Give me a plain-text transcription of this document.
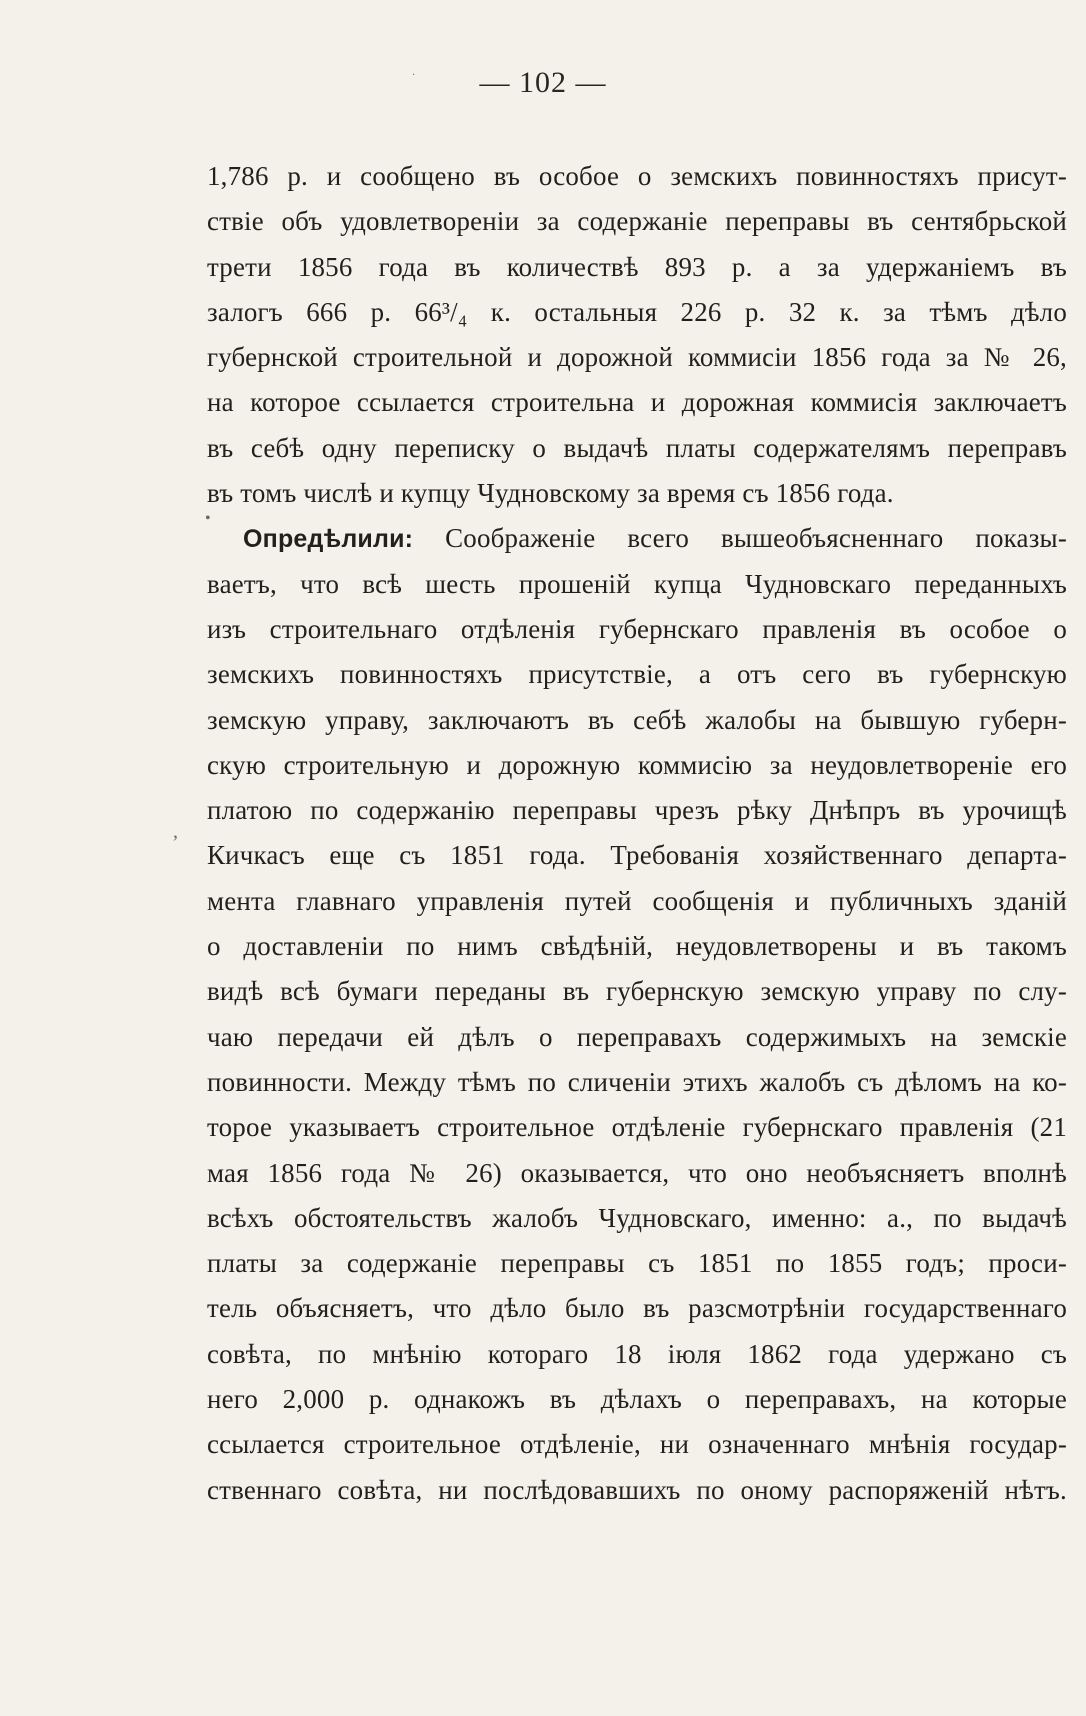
— 102 —
·
•
ʼ
1,786 р. и сообщено въ особое о земскихъ повинностяхъ присут-
ствіе объ удовлетвореніи за содержаніе переправы въ сентябрьской
трети 1856 года въ количествѣ 893 р. а за удержаніемъ въ
залогъ 666 р. 66³/₄ к. остальныя 226 р. 32 к. за тѣмъ дѣло
губернской строительной и дорожной коммисіи 1856 года за № 26,
на которое ссылается строительна и дорожная коммисія заключаетъ
въ себѣ одну переписку о выдачѣ платы содержателямъ переправъ
въ томъ числѣ и купцу Чудновскому за время съ 1856 года.
Опредѣлили: Соображеніе всего вышеобъясненнаго показы-
ваетъ, что всѣ шесть прошеній купца Чудновскаго переданныхъ
изъ строительнаго отдѣленія губернскаго правленія въ особое о
земскихъ повинностяхъ присутствіе, а отъ сего въ губернскую
земскую управу, заключаютъ въ себѣ жалобы на бывшую губерн-
скую строительную и дорожную коммисію за неудовлетвореніе его
платою по содержанію переправы чрезъ рѣку Днѣпръ въ урочищѣ
Кичкасъ еще съ 1851 года. Требованія хозяйственнаго департа-
мента главнаго управленія путей сообщенія и публичныхъ зданій
о доставленіи по нимъ свѣдѣній, неудовлетворены и въ такомъ
видѣ всѣ бумаги переданы въ губернскую земскую управу по слу-
чаю передачи ей дѣлъ о переправахъ содержимыхъ на земскіе
повинности. Между тѣмъ по сличеніи этихъ жалобъ съ дѣломъ на ко-
торое указываетъ строительное отдѣленіе губернскаго правленія (21
мая 1856 года № 26) оказывается, что оно необъясняетъ вполнѣ
всѣхъ обстоятельствъ жалобъ Чудновскаго, именно: а., по выдачѣ
платы за содержаніе переправы съ 1851 по 1855 годъ; проси-
тель объясняетъ, что дѣло было въ разсмотрѣніи государственнаго
совѣта, по мнѣнію котораго 18 іюля 1862 года удержано съ
него 2,000 р. однакожъ въ дѣлахъ о переправахъ, на которые
ссылается строительное отдѣленіе, ни означеннаго мнѣнія государ-
ственнаго совѣта, ни послѣдовавшихъ по оному распоряженій нѣтъ.
